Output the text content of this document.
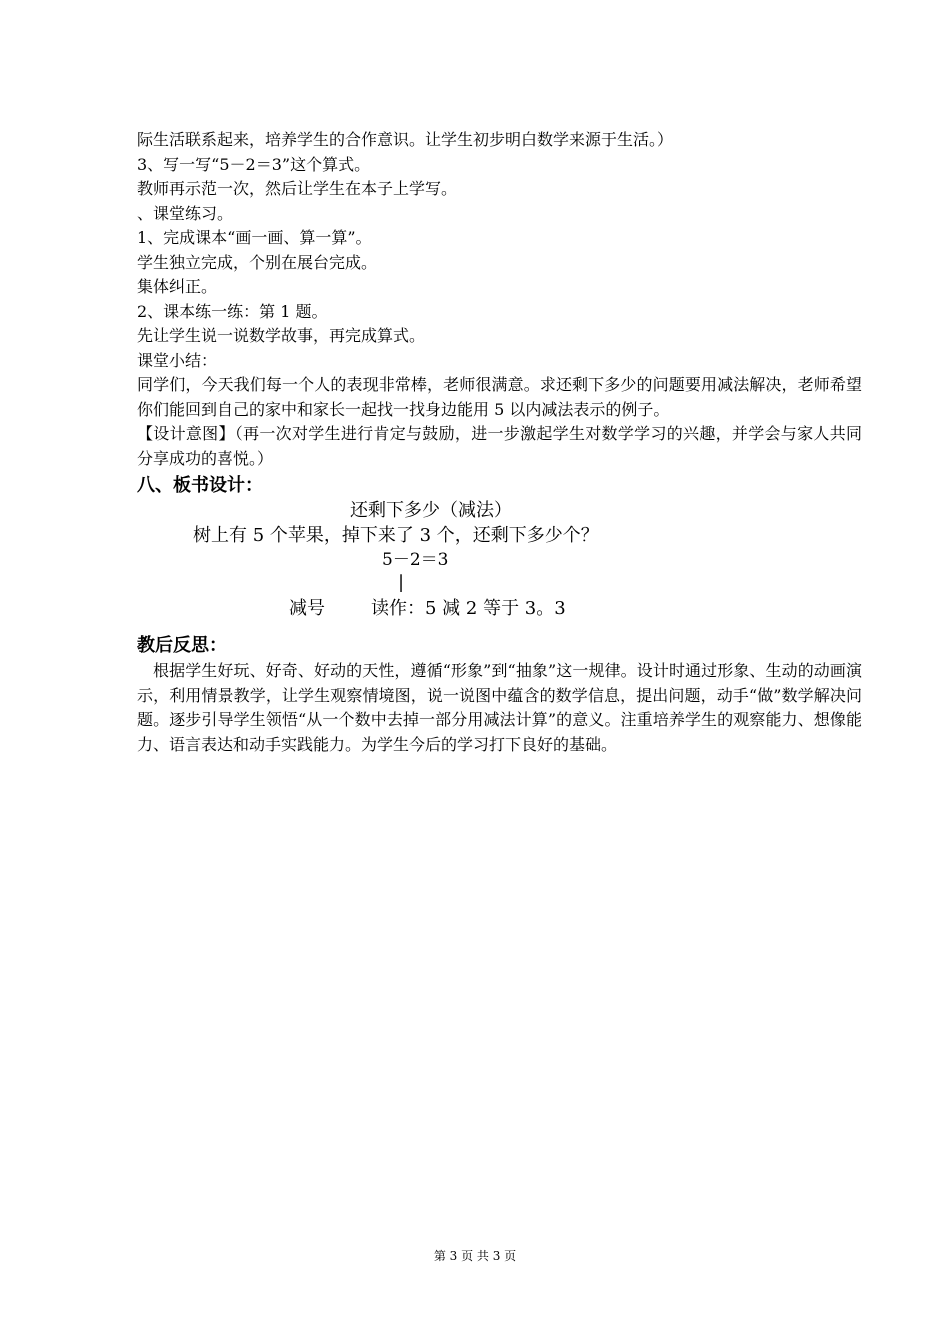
际生活联系起来，培养学生的合作意识。让学生初步明白数学来源于生活。）

3、写一写“5－2＝3”这个算式。

教师再示范一次，然后让学生在本子上学写。

、课堂练习。

1、完成课本“画一画、算一算”。

学生独立完成，个别在展台完成。

集体纠正。

2、课本练一练：第 1 题。

先让学生说一说数学故事，再完成算式。

课堂小结：

同学们，今天我们每一个人的表现非常棒，老师很满意。求还剩下多少的问题要用减法解决，老师希望你们能回到自己的家中和家长一起找一找身边能用 5 以内减法表示的例子。

【设计意图】（再一次对学生进行肯定与鼓励，进一步激起学生对数学学习的兴趣，并学会与家人共同分享成功的喜悦。）

八、板书设计：
还剩下多少（减法）
树上有 5 个苹果，掉下来了 3 个，还剩下多少个？
5－2＝3
|
减号	读作：5 减 2 等于 3。3
教后反思：

根据学生好玩、好奇、好动的天性，遵循“形象”到“抽象”这一规律。设计时通过形象、生动的动画演示，利用情景教学，让学生观察情境图，说一说图中蕴含的数学信息，提出问题，动手“做”数学解决问题。逐步引导学生领悟“从一个数中去掉一部分用减法计算”的意义。注重培养学生的观察能力、想像能力、语言表达和动手实践能力。为学生今后的学习打下良好的基础。

第 3 页 共 3 页
